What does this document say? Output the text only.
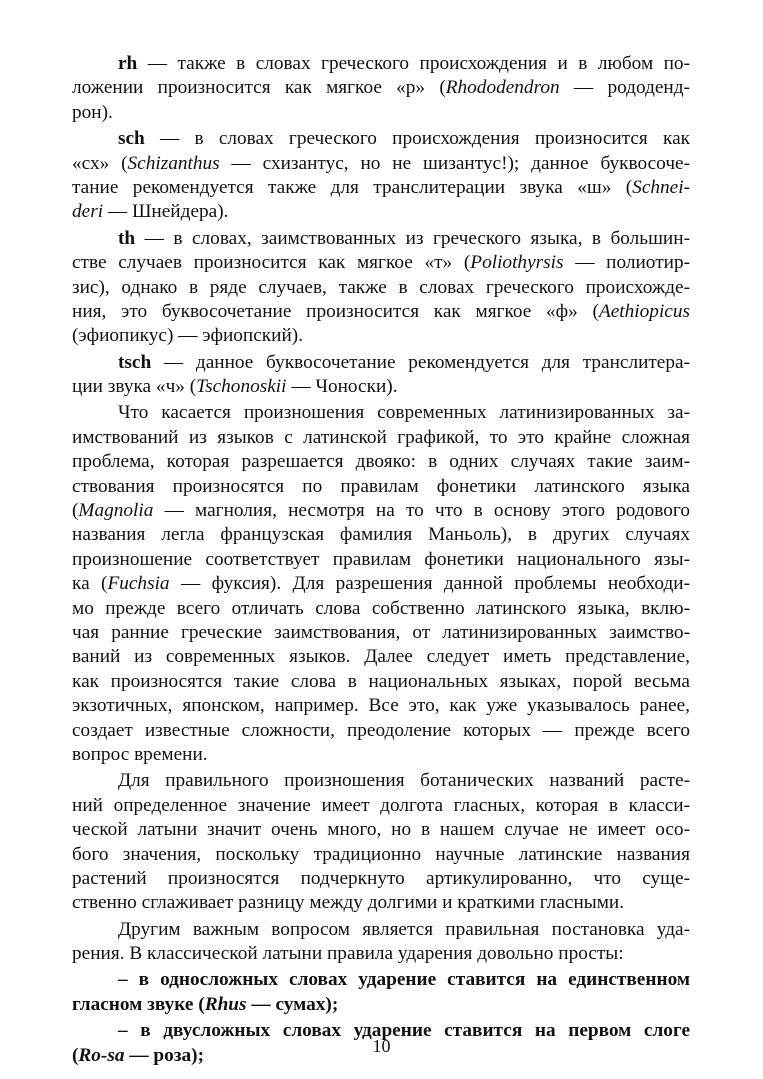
rh — также в словах греческого происхождения и в любом по-
ложении произносится как мягкое «р» (Rhododendron — рододенд-
рон).
sch — в словах греческого происхождения произносится как
«сх» (Schizanthus — схизантус, но не шизантус!); данное буквосоче-
тание рекомендуется также для транслитерации звука «ш» (Schnei-
deri — Шнейдера).
th — в словах, заимствованных из греческого языка, в большин-
стве случаев произносится как мягкое «т» (Poliothyrsis — полиотир-
зис), однако в ряде случаев, также в словах греческого происхожде-
ния, это буквосочетание произносится как мягкое «ф» (Aethiopicus
(эфиопикус) — эфиопский).
tsch — данное буквосочетание рекомендуется для транслитера-
ции звука «ч» (Tschonoskii — Чоноски).
Что касается произношения современных латинизированных за-
имствований из языков с латинской графикой, то это крайне сложная
проблема, которая разрешается двояко: в одних случаях такие заим-
ствования произносятся по правилам фонетики латинского языка
(Magnolia — магнолия, несмотря на то что в основу этого родового
названия легла французская фамилия Маньоль), в других случаях
произношение соответствует правилам фонетики национального язы-
ка (Fuchsia — фуксия). Для разрешения данной проблемы необходи-
мо прежде всего отличать слова собственно латинского языка, вклю-
чая ранние греческие заимствования, от латинизированных заимство-
ваний из современных языков. Далее следует иметь представление,
как произносятся такие слова в национальных языках, порой весьма
экзотичных, японском, например. Все это, как уже указывалось ранее,
создает известные сложности, преодоление которых — прежде всего
вопрос времени.
Для правильного произношения ботанических названий расте-
ний определенное значение имеет долгота гласных, которая в класси-
ческой латыни значит очень много, но в нашем случае не имеет осо-
бого значения, поскольку традиционно научные латинские названия
растений произносятся подчеркнуто артикулированно, что суще-
ственно сглаживает разницу между долгими и краткими гласными.
Другим важным вопросом является правильная постановка уда-
рения. В классической латыни правила ударения довольно просты:
– в односложных словах ударение ставится на единственном
гласном звуке (Rhus — сумах);
– в двусложных словах ударение ставится на первом слоге
(Ro-sa — роза);	10
